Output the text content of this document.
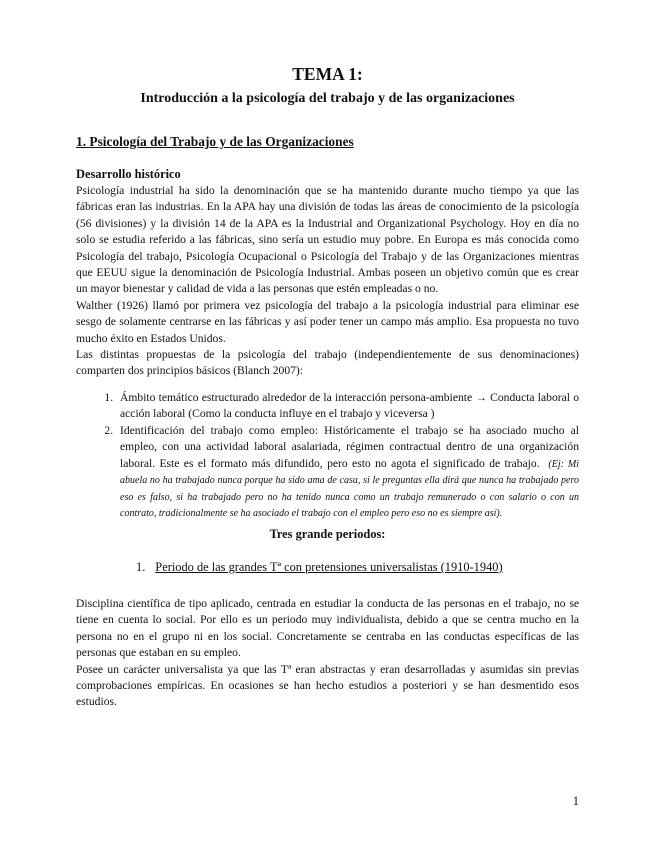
TEMA 1:
Introducción a la psicología del trabajo y de las organizaciones
1. Psicología del Trabajo y de las Organizaciones
Desarrollo histórico

Psicología industrial ha sido la denominación que se ha mantenido durante mucho tiempo ya que las fábricas eran las industrias. En la APA hay una división de todas las áreas de conocimiento de la psicología (56 divisiones) y la división 14 de la APA es la Industrial and Organizational Psychology. Hoy en día no solo se estudia referido a las fábricas, sino sería un estudio muy pobre. En Europa es más conocida como Psicología del trabajo, Psicología Ocupacional o Psicología del Trabajo y de las Organizaciones mientras que EEUU sigue la denominación de Psicología Industrial. Ambas poseen un objetivo común que es crear un mayor bienestar y calidad de vida a las personas que estén empleadas o no.

Walther (1926) llamó por primera vez psicología del trabajo a la psicología industrial para eliminar ese sesgo de solamente centrarse en las fábricas y así poder tener un campo más amplio. Esa propuesta no tuvo mucho éxito en Estados Unidos.

Las distintas propuestas de la psicología del trabajo (independientemente de sus denominaciones) comparten dos principios básicos (Blanch 2007):

1. Ámbito temático estructurado alrededor de la interacción persona-ambiente → Conducta laboral o acción laboral (Como la conducta influye en el trabajo y viceversa )
2. Identificación del trabajo como empleo: Históricamente el trabajo se ha asociado mucho al empleo, con una actividad laboral asalariada, régimen contractual dentro de una organización laboral. Este es el formato más difundido, pero esto no agota el significado de trabajo. (Ej: Mi abuela no ha trabajado nunca porque ha sido ama de casa, si le preguntas ella dirá que nunca ha trabajado pero eso es falso, si ha trabajado pero no ha tenido nunca como un trabajo remunerado o con salario o con un contrato, tradicionalmente se ha asociado el trabajo con el empleo pero eso no es siempre así).
Tres grande periodos:
1. Periodo de las grandes Tª con pretensiones universalistas (1910-1940)

Disciplina científica de tipo aplicado, centrada en estudiar la conducta de las personas en el trabajo, no se tiene en cuenta lo social. Por ello es un periodo muy individualista, debido a que se centra mucho en la persona no en el grupo ni en los social. Concretamente se centraba en las conductas específicas de las personas que estaban en su empleo.

Posee un carácter universalista ya que las Tª eran abstractas y eran desarrolladas y asumidas sin previas comprobaciones empíricas. En ocasiones se han hecho estudios a posteriori y se han desmentido esos estudios.

1
